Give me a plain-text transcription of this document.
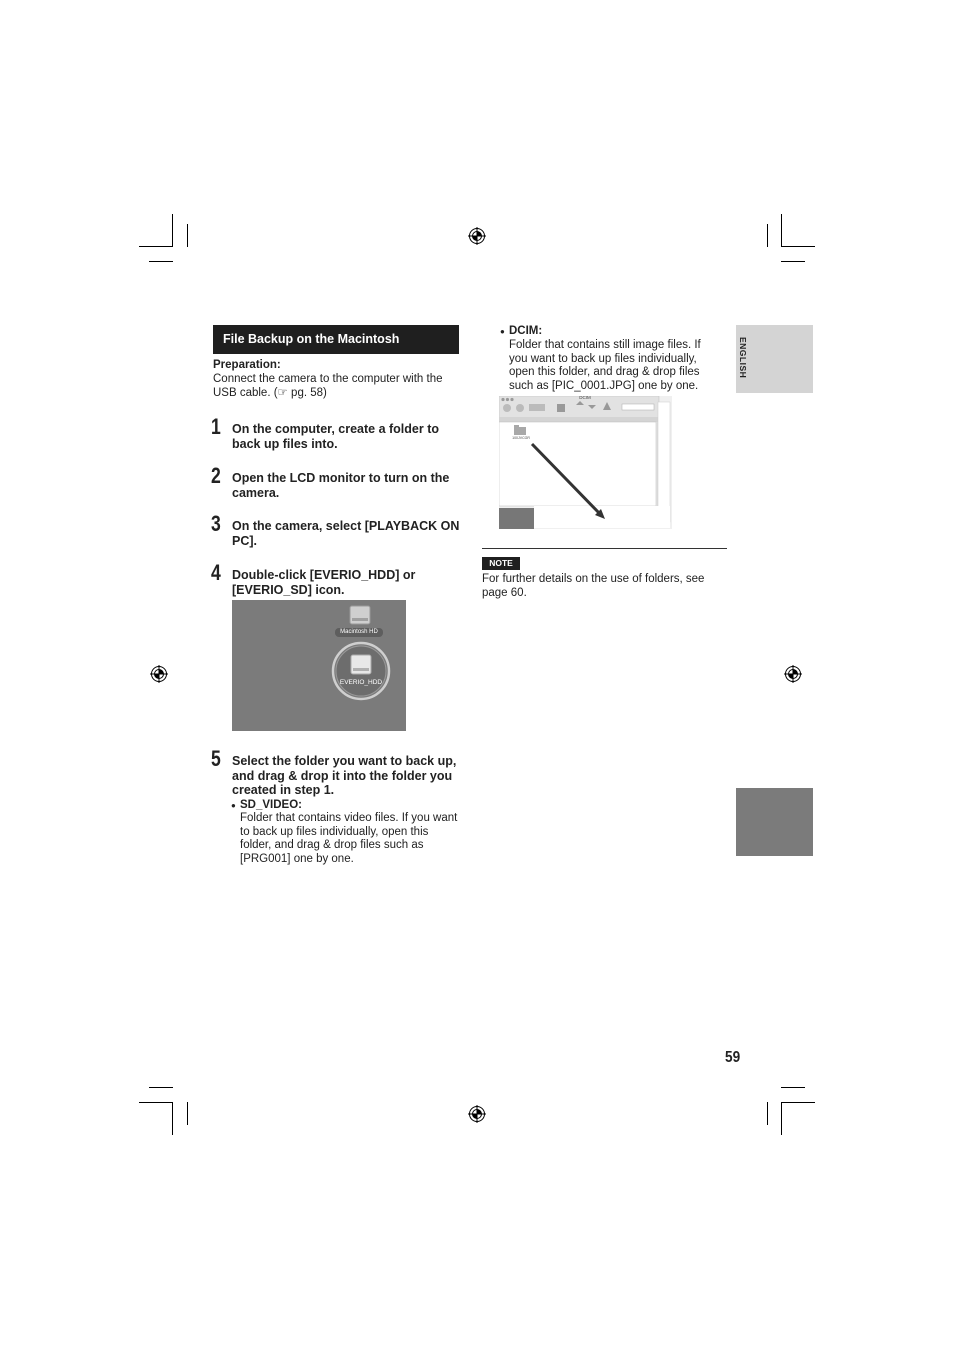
File Backup on the Macintosh
Preparation:
Connect the camera to the computer with the USB cable. (☞ pg. 58)
1 On the computer, create a folder to back up files into.
2 Open the LCD monitor to turn on the camera.
3 On the camera, select [PLAYBACK ON PC].
4 Double-click [EVERIO_HDD] or [EVERIO_SD] icon.
Macintosh HD
EVERIO_HDD
5 Select the folder you want to back up, and drag & drop it into the folder you created in step 1.
● SD_VIDEO:
Folder that contains video files. If you want to back up files individually, open this folder, and drag & drop files such as [PRG001] one by one.
● DCIM:
Folder that contains still image files. If you want to back up files individually, open this folder, and drag & drop files such as [PIC_0001.JPG] one by one.
DCIM
100JVCGR
NOTE
For further details on the use of folders, see page 60.
ENGLISH
59
